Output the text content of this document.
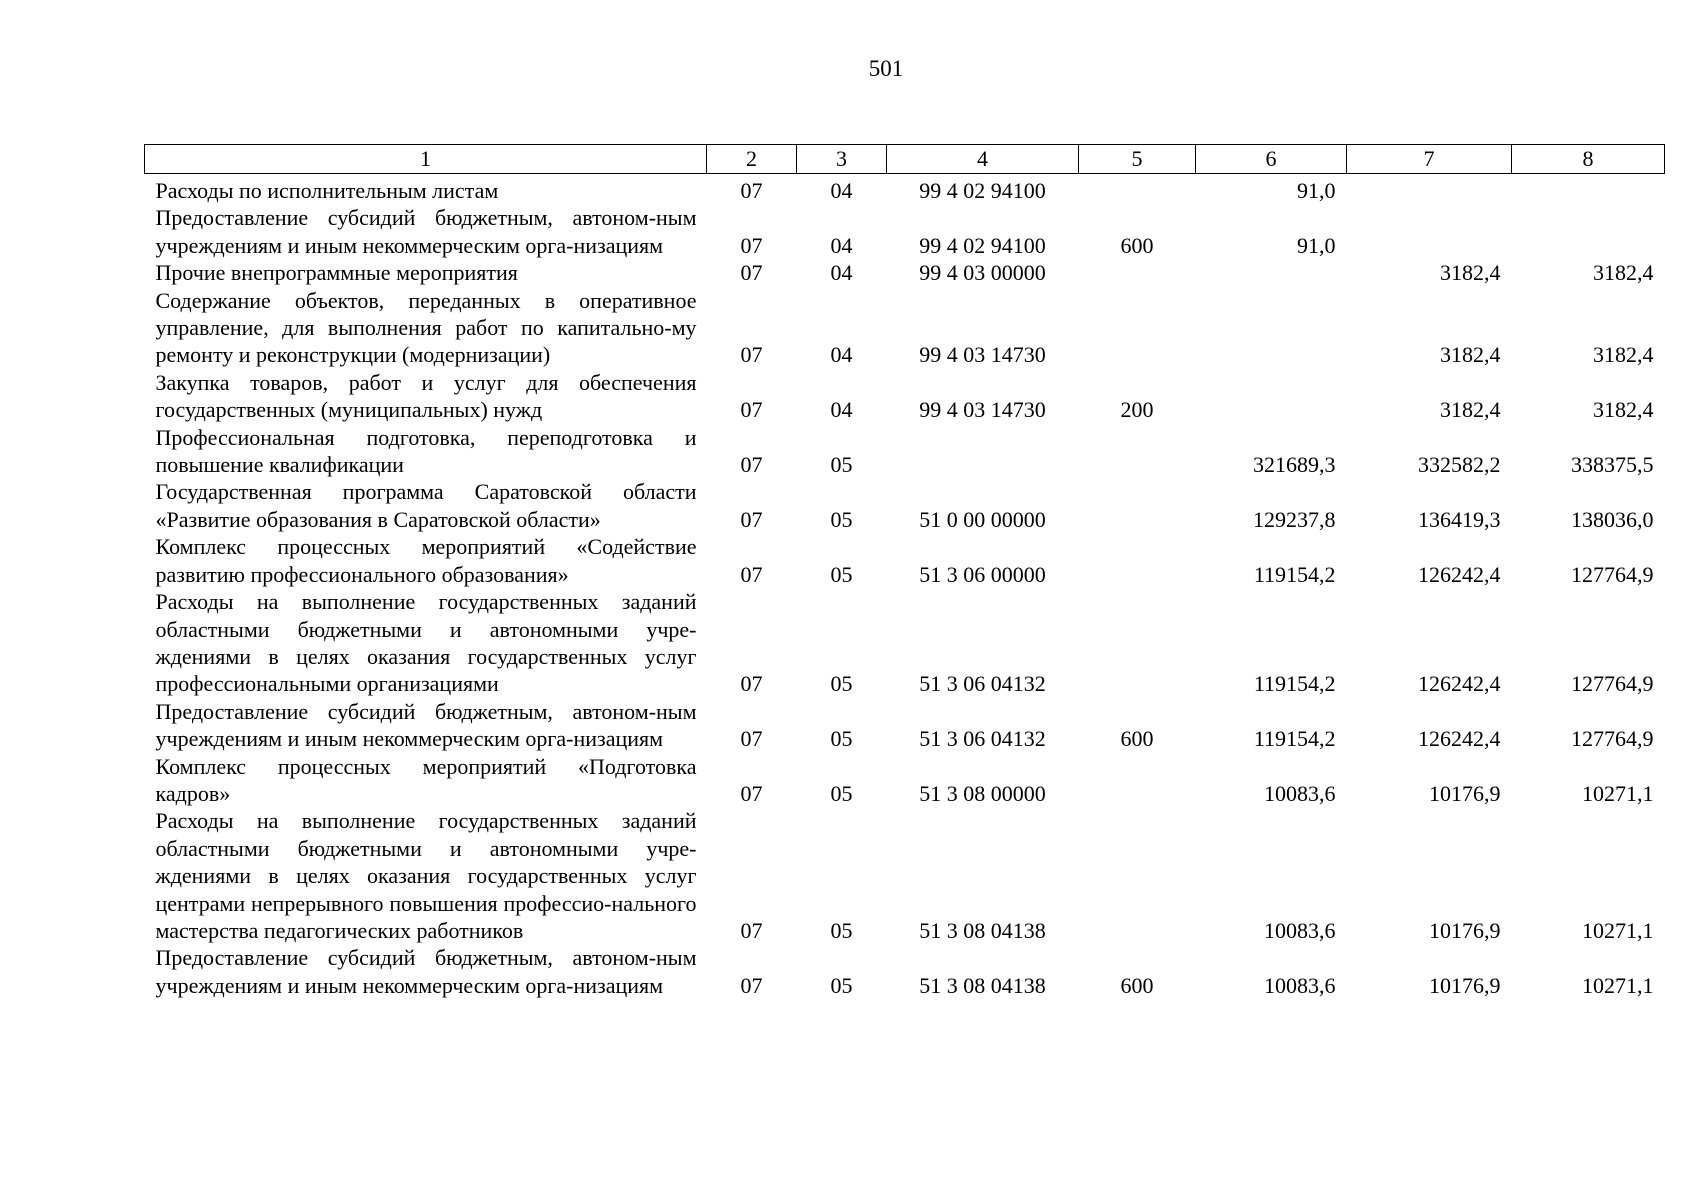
501
1	2	3	4	5	6	7	8
Расходы по исполнительным листам	07	04	99 4 02 94100		91,0		
Предоставление субсидий бюджетным, автоном-ным учреждениям и иным некоммерческим орга-низациям	07	04	99 4 02 94100	600	91,0		
Прочие внепрограммные мероприятия	07	04	99 4 03 00000			3182,4	3182,4
Содержание объектов, переданных в оперативное управление, для выполнения работ по капитально-му ремонту и реконструкции (модернизации)	07	04	99 4 03 14730			3182,4	3182,4
Закупка товаров, работ и услуг для обеспечения государственных (муниципальных) нужд	07	04	99 4 03 14730	200		3182,4	3182,4
Профессиональная подготовка, переподготовка и повышение квалификации	07	05			321689,3	332582,2	338375,5
Государственная программа Саратовской области «Развитие образования в Саратовской области»	07	05	51 0 00 00000		129237,8	136419,3	138036,0
Комплекс процессных мероприятий «Содействие развитию профессионального образования»	07	05	51 3 06 00000		119154,2	126242,4	127764,9
Расходы на выполнение государственных заданий областными бюджетными и автономными учре-ждениями в целях оказания государственных услуг профессиональными организациями	07	05	51 3 06 04132		119154,2	126242,4	127764,9
Предоставление субсидий бюджетным, автоном-ным учреждениям и иным некоммерческим орга-низациям	07	05	51 3 06 04132	600	119154,2	126242,4	127764,9
Комплекс процессных мероприятий «Подготовка кадров»	07	05	51 3 08 00000		10083,6	10176,9	10271,1
Расходы на выполнение государственных заданий областными бюджетными и автономными учре-ждениями в целях оказания государственных услуг центрами непрерывного повышения профессио-нального мастерства педагогических работников	07	05	51 3 08 04138		10083,6	10176,9	10271,1
Предоставление субсидий бюджетным, автоном-ным учреждениям и иным некоммерческим орга-низациям	07	05	51 3 08 04138	600	10083,6	10176,9	10271,1
